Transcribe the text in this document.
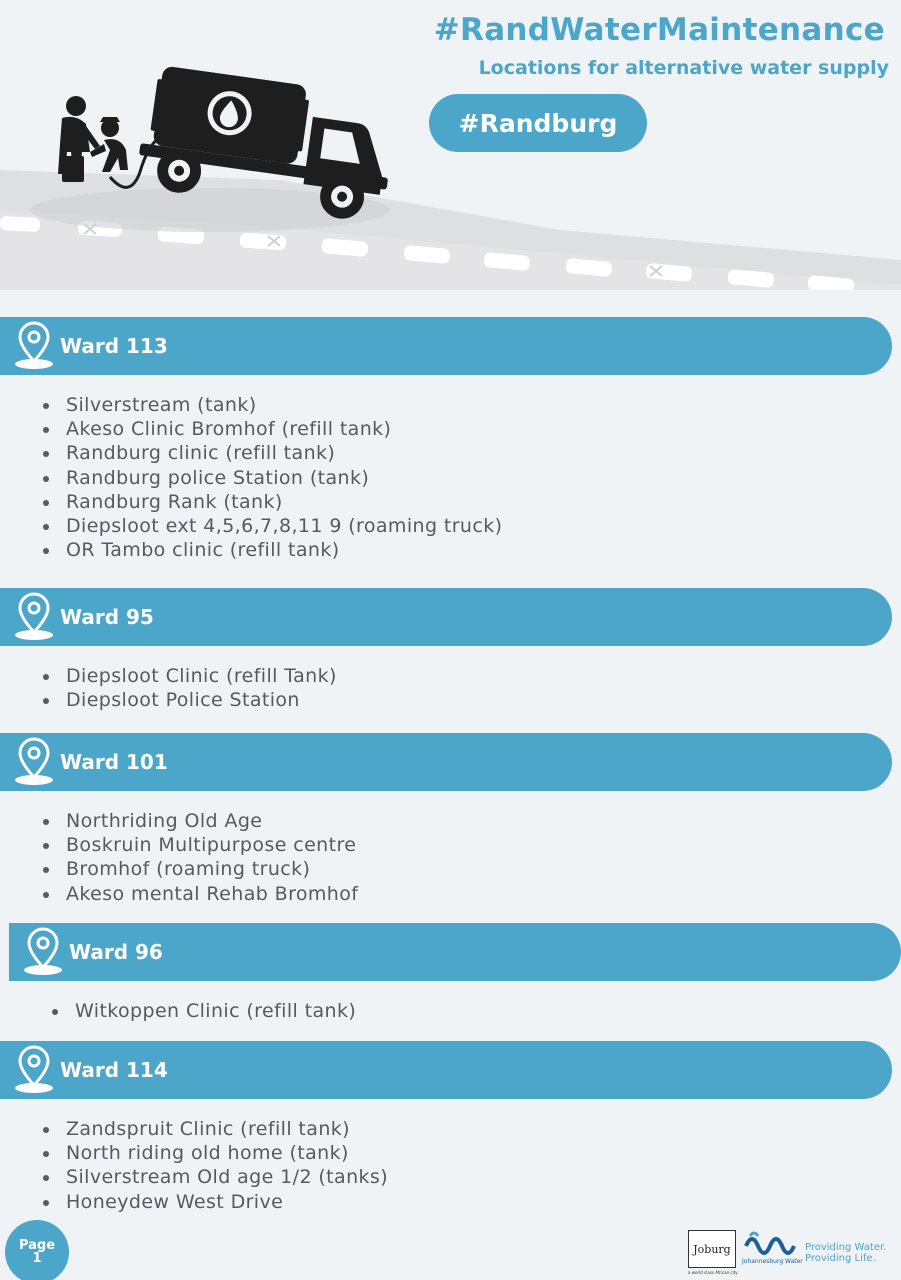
#RandWaterMaintenance
Locations for alternative water supply
#Randburg
Ward 113
Silverstream (tank)
Akeso Clinic Bromhof (refill tank)
Randburg clinic (refill tank)
Randburg police Station (tank)
Randburg Rank (tank)
Diepsloot ext 4,5,6,7,8,11 9 (roaming truck)
OR Tambo clinic (refill tank)
Ward 95
Diepsloot Clinic (refill Tank)
Diepsloot Police Station
Ward 101
Northriding Old Age
Boskruin Multipurpose centre
Bromhof (roaming truck)
Akeso mental Rehab Bromhof
Ward 96
Witkoppen Clinic (refill tank)
Ward 114
Zandspruit Clinic (refill tank)
North riding old home (tank)
Silverstream Old age 1/2 (tanks)
Honeydew West Drive
Page
1
Joburg
a world class African city
Johannesburg Water
Providing Water.
Providing Life.
